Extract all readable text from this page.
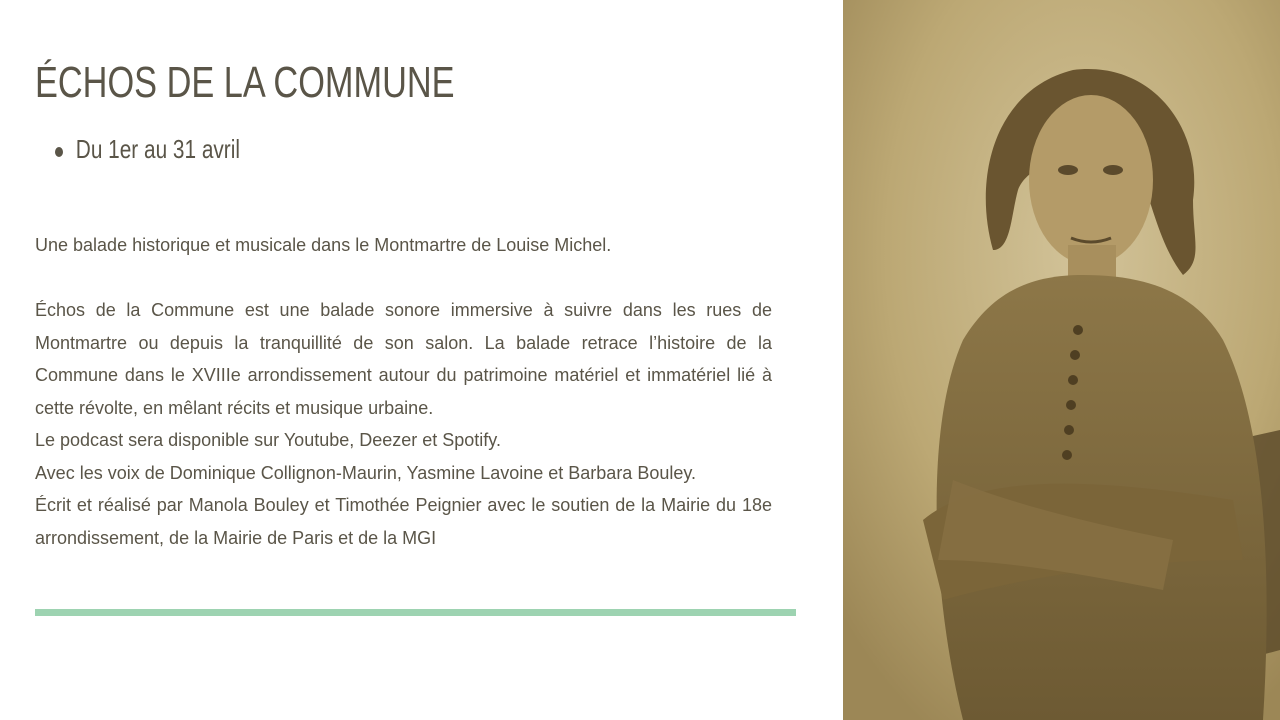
ÉCHOS DE LA COMMUNE
Du 1er au 31 avril

Une balade historique et musicale dans le Montmartre de Louise Michel.

Échos de la Commune est une balade sonore immersive à suivre dans les rues de Montmartre ou depuis la tranquillité de son salon. La balade retrace l’histoire de la Commune dans le XVIIIe arrondissement autour du patrimoine matériel et immatériel lié à cette révolte, en mêlant récits et musique urbaine.

Le podcast sera disponible sur Youtube, Deezer et Spotify.

Avec les voix de Dominique Collignon-Maurin, Yasmine Lavoine et Barbara Bouley.

Écrit et réalisé par Manola Bouley et Timothée Peignier avec le soutien de la Mairie du 18e arrondissement, de la Mairie de Paris et de la MGI
